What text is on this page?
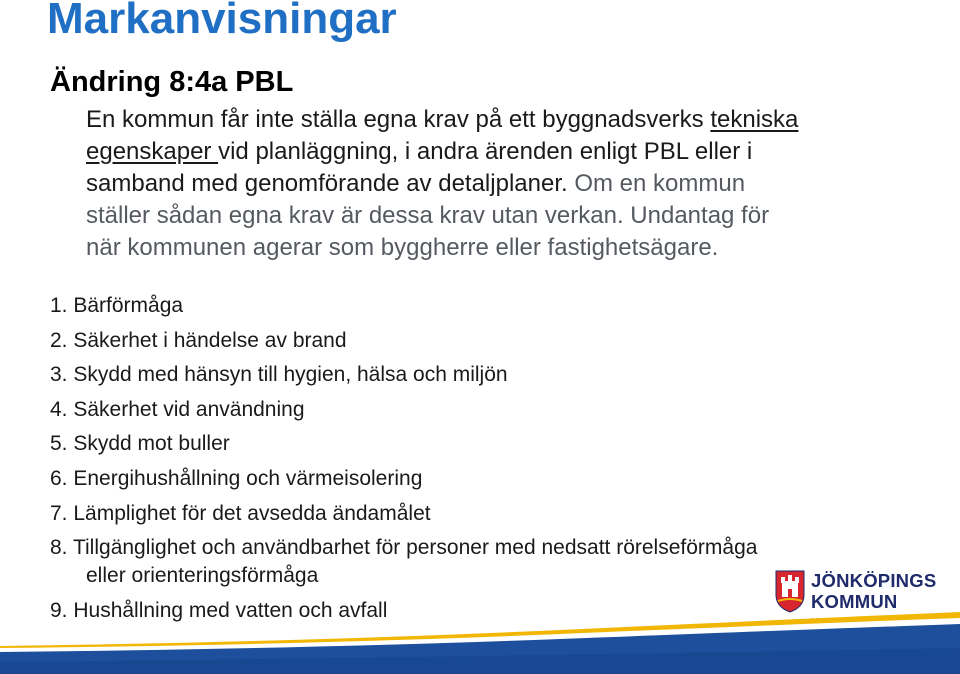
Markanvisningar
Ändring 8:4a PBL
En kommun får inte ställa egna krav på ett byggnadsverks tekniska
egenskaper vid planläggning, i andra ärenden enligt PBL eller i
samband med genomförande av detaljplaner. Om en kommun
ställer sådan egna krav är dessa krav utan verkan. Undantag för
när kommunen agerar som byggherre eller fastighetsägare.
1. Bärförmåga
2. Säkerhet i händelse av brand
3. Skydd med hänsyn till hygien, hälsa och miljön
4. Säkerhet vid användning
5. Skydd mot buller
6. Energihushållning och värmeisolering
7. Lämplighet för det avsedda ändamålet
8. Tillgänglighet och användbarhet för personer med nedsatt rörelseförmåga
eller orienteringsförmåga
9. Hushållning med vatten och avfall
JÖNKÖPINGS
KOMMUN
